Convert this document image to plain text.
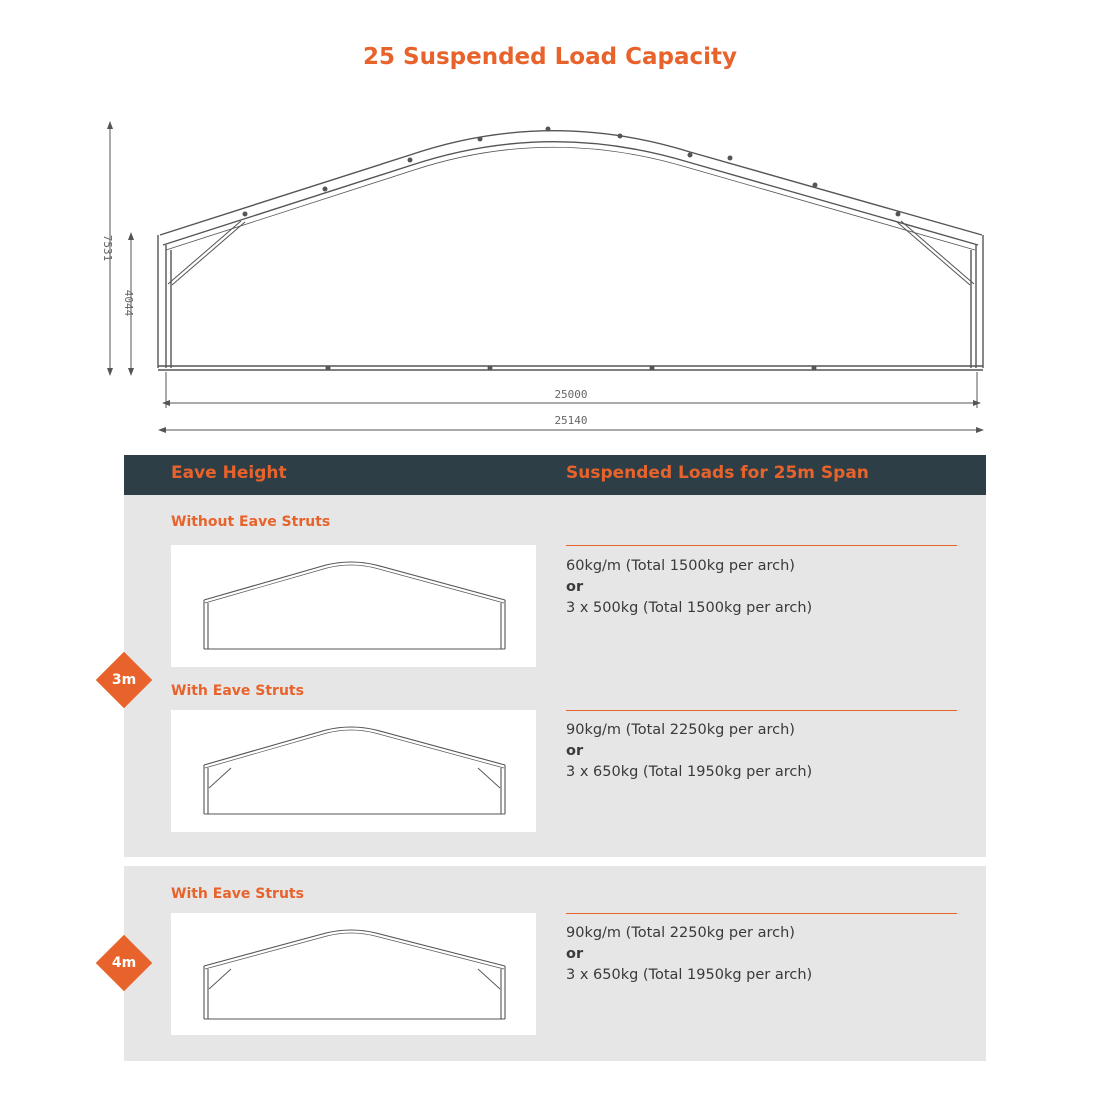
25 Suspended Load Capacity
7531
4044
25000
25140
Eave Height	Suspended Loads for 25m Span
Without Eave Struts
60kg/m (Total 1500kg per arch)
or
3 x 500kg (Total 1500kg per arch)
With Eave Struts
90kg/m (Total 2250kg per arch)
or
3 x 650kg (Total 1950kg per arch)
3m
With Eave Struts
90kg/m (Total 2250kg per arch)
or
3 x 650kg (Total 1950kg per arch)
4m
